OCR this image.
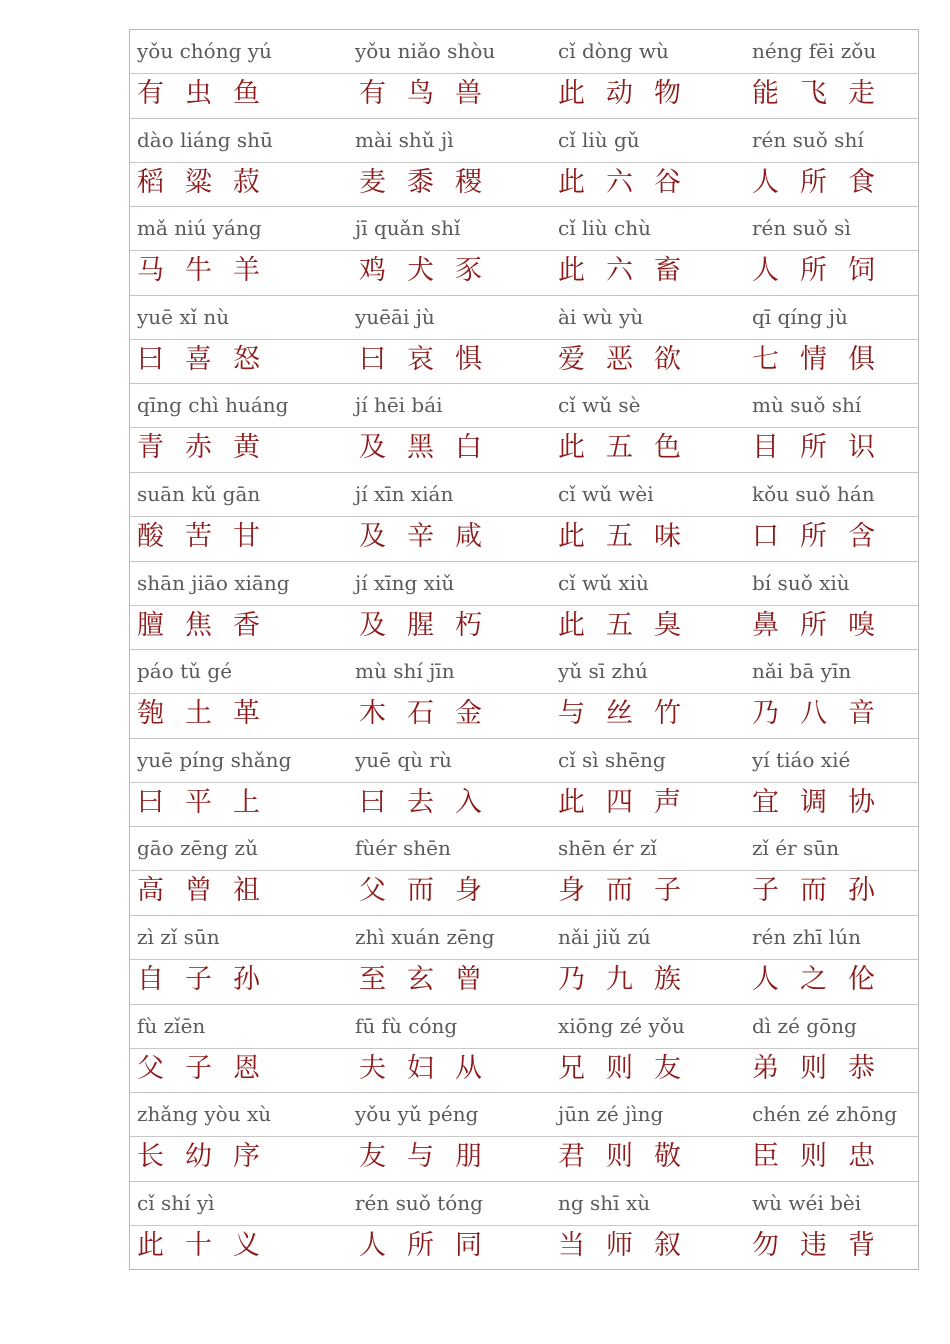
yǒu chóng yú	yǒu niǎo shòu	cǐ dòng wù	néng fēi zǒu
有虫鱼	有鸟兽 此动物 能飞走
dào liáng shū	mài shǔ jì	cǐ liù gǔ	rén suǒ shí
稻粱菽	麦黍稷 此六谷 人所食
mǎ niú yáng	jī quǎn shǐ	cǐ liù chù	rén suǒ sì
马牛羊	鸡犬豕 此六畜 人所饲
yuē xǐ nù	yuēāi jù	ài wù yù	qī qíng jù
曰喜怒	曰哀惧 爱恶欲 七情俱
qīng chì huáng	jí hēi bái	cǐ wǔ sè	mù suǒ shí
青赤黄	及黑白 此五色 目所识
suān kǔ gān	jí xīn xián	cǐ wǔ wèi	kǒu suǒ hán
酸苦甘	及辛咸 此五味 口所含
shān jiāo xiāng	jí xīng xiǔ	cǐ wǔ xiù	bí suǒ xiù
膻焦香	及腥朽 此五臭 鼻所嗅
páo tǔ gé	mù shí jīn	yǔ sī zhú	nǎi bā yīn
匏土革	木石金 与丝竹 乃八音
yuē píng shǎng	yuē qù rù	cǐ sì shēng	yí tiáo xié
曰平上	曰去入 此四声 宜调协
gāo zēng zǔ	fùér shēn	shēn ér zǐ	zǐ ér sūn
高曾祖	父而身 身而子 子而孙
zì zǐ sūn	zhì xuán zēng	nǎi jiǔ zú	rén zhī lún
自子孙	至玄曾 乃九族 人之伦
fù zǐēn	fū fù cóng	xiōng zé yǒu	dì zé gōng
父子恩	夫妇从 兄则友 弟则恭
zhǎng yòu xù	yǒu yǔ péng	jūn zé jìng	chén zé zhōng
长幼序	友与朋 君则敬 臣则忠
cǐ shí yì	rén suǒ tóng	ng shī xù	wù wéi bèi
此十义	人所同 当师叙 勿违背
